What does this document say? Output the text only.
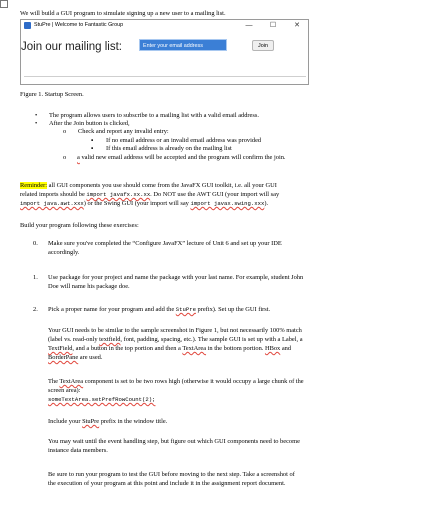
We will build a GUI program to simulate signing up a new user to a mailing list.
StuPre | Welcome to Fantastic Group	—	☐	✕
Join our mailing list:	Enter your email address	Join
Figure 1. Startup Screen.
• The program allows users to subscribe to a mailing list with a valid email address.
• After the Join button is clicked,
o Check and report any invalid entry:
▪ If no email address or an invalid email address was provided
▪ If this email address is already on the mailing list
o a valid new email address will be accepted and the program will confirm the join.
Reminder: all GUI components you use should come from the JavaFX GUI toolkit, i.e. all your GUI
related imports should be import javafx.xx.xx. Do NOT use the AWT GUI (your import will say
import java.awt.xxx) or the Swing GUI (your import will say import javax.swing.xxx).
Build your program following these exercises:
0. Make sure you've completed the “Configure JavaFX” lecture of Unit 6 and set up your IDE
accordingly.
1. Use package for your project and name the package with your last name. For example, student John
Doe will name his package doe.
2. Pick a proper name for your program and add the StuPre prefix). Set up the GUI first.
Your GUI needs to be similar to the sample screenshot in Figure 1, but not necessarily 100% match
(label vs. read-only textfield, font, padding, spacing, etc.). The sample GUI is set up with a Label, a
TextField, and a button in the top portion and then a TextArea in the bottom portion. HBox and
BorderPane are used.
The TextArea component is set to be two rows high (otherwise it would occupy a large chunk of the
screen area):
someTextArea.setPrefRowCount(2);
Include your StuPre prefix in the window title.
You may wait until the event handling step, but figure out which GUI components need to become
instance data members.
Be sure to run your program to test the GUI before moving to the next step. Take a screenshot of
the execution of your program at this point and include it in the assignment report document.
